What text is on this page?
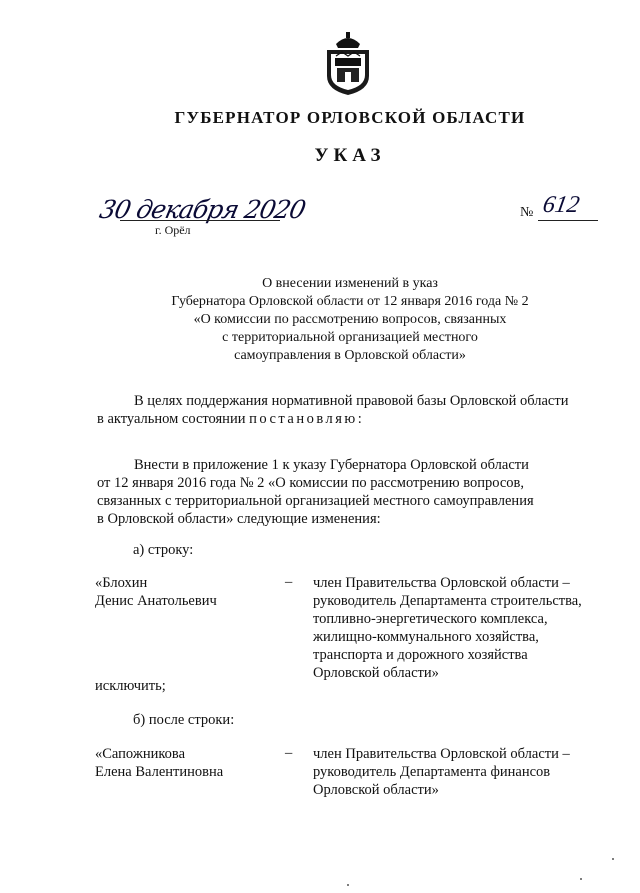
ГУБЕРНАТОР ОРЛОВСКОЙ ОБЛАСТИ
УКАЗ
30 декабря 2020
г. Орёл
№ 612
О внесении изменений в указ
Губернатора Орловской области от 12 января 2016 года № 2
«О комиссии по рассмотрению вопросов, связанных
с территориальной организацией местного
самоуправления в Орловской области»
В целях поддержания нормативной правовой базы Орловской области
в актуальном состоянии постановляю:
Внести в приложение 1 к указу Губернатора Орловской области
от 12 января 2016 года № 2 «О комиссии по рассмотрению вопросов,
связанных с территориальной организацией местного самоуправления
в Орловской области» следующие изменения:
а) строку:
«Блохин
Денис Анатольевич
– член Правительства Орловской области –
руководитель Департамента строительства,
топливно-энергетического комплекса,
жилищно-коммунального хозяйства,
транспорта и дорожного хозяйства
Орловской области»
исключить;
б) после строки:
«Сапожникова
Елена Валентиновна
– член Правительства Орловской области –
руководитель Департамента финансов
Орловской области»
